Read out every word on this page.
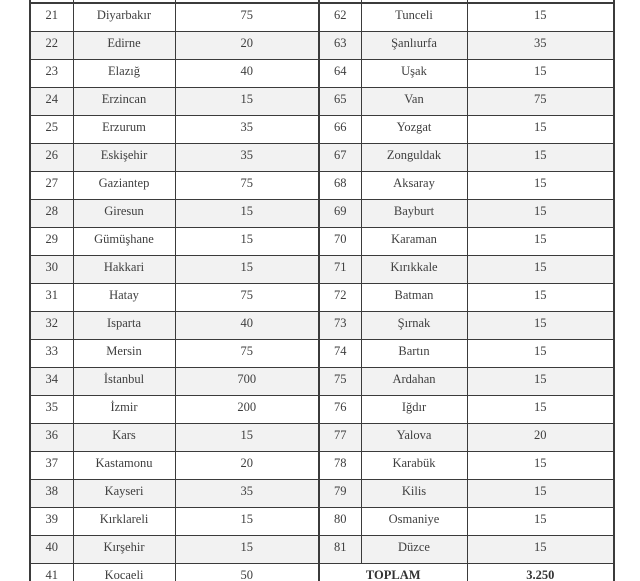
21	Diyarbakır	75	62	Tunceli	15
22	Edirne	20	63	Şanlıurfa	35
23	Elazığ	40	64	Uşak	15
24	Erzincan	15	65	Van	75
25	Erzurum	35	66	Yozgat	15
26	Eskişehir	35	67	Zonguldak	15
27	Gaziantep	75	68	Aksaray	15
28	Giresun	15	69	Bayburt	15
29	Gümüşhane	15	70	Karaman	15
30	Hakkari	15	71	Kırıkkale	15
31	Hatay	75	72	Batman	15
32	Isparta	40	73	Şırnak	15
33	Mersin	75	74	Bartın	15
34	İstanbul	700	75	Ardahan	15
35	İzmir	200	76	Iğdır	15
36	Kars	15	77	Yalova	20
37	Kastamonu	20	78	Karabük	15
38	Kayseri	35	79	Kilis	15
39	Kırklareli	15	80	Osmaniye	15
40	Kırşehir	15	81	Düzce	15
41	Kocaeli	50	TOPLAM		3.250
